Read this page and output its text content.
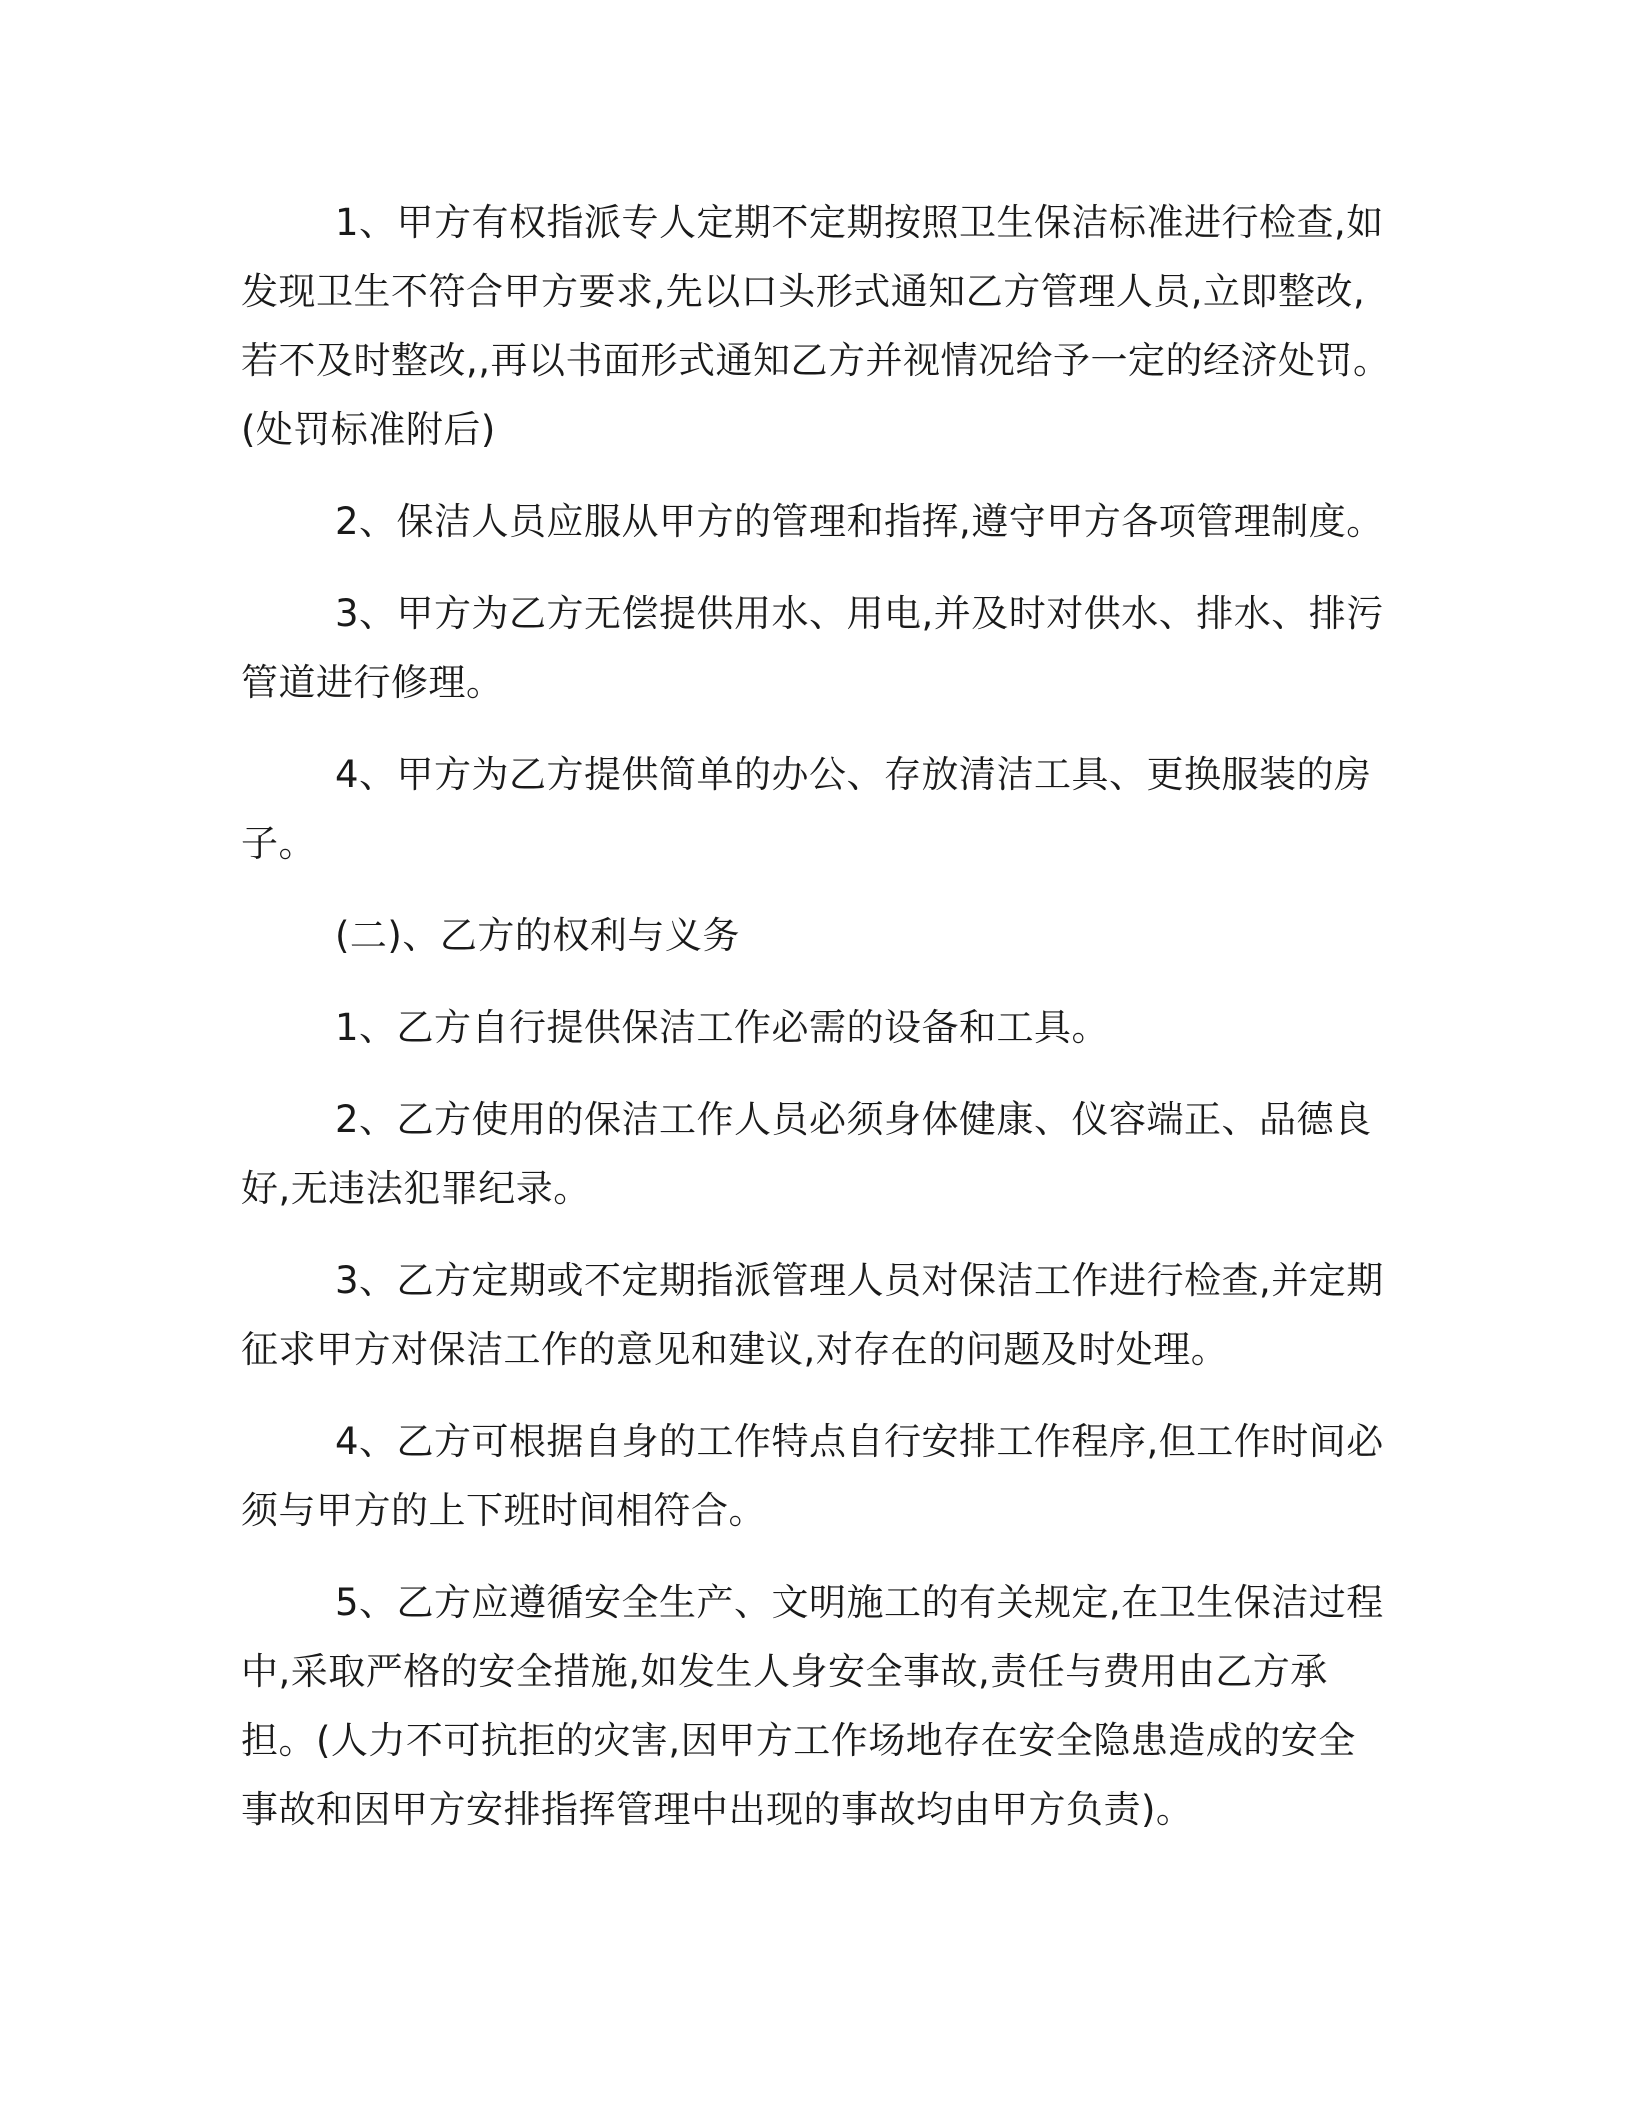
1、甲方有权指派专人定期不定期按照卫生保洁标准进行检查,如发现卫生不符合甲方要求,先以口头形式通知乙方管理人员,立即整改,若不及时整改,,再以书面形式通知乙方并视情况给予一定的经济处罚。(处罚标准附后)

2、保洁人员应服从甲方的管理和指挥,遵守甲方各项管理制度。

3、甲方为乙方无偿提供用水、用电,并及时对供水、排水、排污管道进行修理。

4、甲方为乙方提供简单的办公、存放清洁工具、更换服装的房子。

(二)、乙方的权利与义务

1、乙方自行提供保洁工作必需的设备和工具。

2、乙方使用的保洁工作人员必须身体健康、仪容端正、品德良好,无违法犯罪纪录。

3、乙方定期或不定期指派管理人员对保洁工作进行检查,并定期征求甲方对保洁工作的意见和建议,对存在的问题及时处理。

4、乙方可根据自身的工作特点自行安排工作程序,但工作时间必须与甲方的上下班时间相符合。

5、乙方应遵循安全生产、文明施工的有关规定,在卫生保洁过程中,采取严格的安全措施,如发生人身安全事故,责任与费用由乙方承担。(人力不可抗拒的灾害,因甲方工作场地存在安全隐患造成的安全事故和因甲方安排指挥管理中出现的事故均由甲方负责)。
